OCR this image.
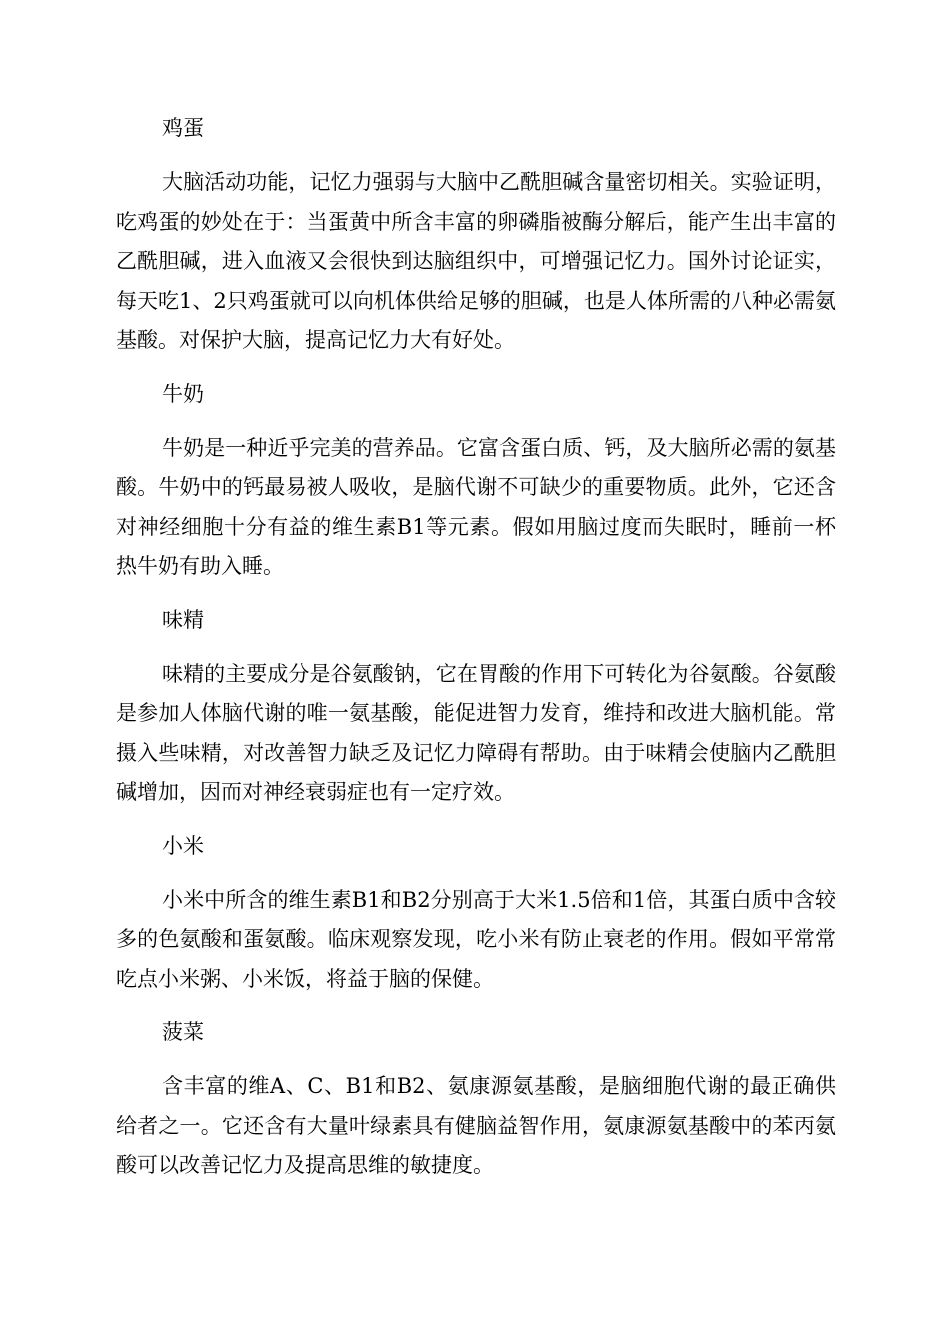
鸡蛋

大脑活动功能，记忆力强弱与大脑中乙酰胆碱含量密切相关。实验证明，吃鸡蛋的妙处在于：当蛋黄中所含丰富的卵磷脂被酶分解后，能产生出丰富的乙酰胆碱，进入血液又会很快到达脑组织中，可增强记忆力。国外讨论证实，每天吃1、2只鸡蛋就可以向机体供给足够的胆碱，也是人体所需的八种必需氨基酸。对保护大脑，提高记忆力大有好处。

牛奶

牛奶是一种近乎完美的营养品。它富含蛋白质、钙，及大脑所必需的氨基酸。牛奶中的钙最易被人吸收，是脑代谢不可缺少的重要物质。此外，它还含对神经细胞十分有益的维生素B1等元素。假如用脑过度而失眠时，睡前一杯热牛奶有助入睡。

味精

味精的主要成分是谷氨酸钠，它在胃酸的作用下可转化为谷氨酸。谷氨酸是参加人体脑代谢的唯一氨基酸，能促进智力发育，维持和改进大脑机能。常摄入些味精，对改善智力缺乏及记忆力障碍有帮助。由于味精会使脑内乙酰胆碱增加，因而对神经衰弱症也有一定疗效。

小米

小米中所含的维生素B1和B2分别高于大米1.5倍和1倍，其蛋白质中含较多的色氨酸和蛋氨酸。临床观察发现，吃小米有防止衰老的作用。假如平常常吃点小米粥、小米饭，将益于脑的保健。

菠菜

含丰富的维A、C、B1和B2、氨康源氨基酸，是脑细胞代谢的最正确供给者之一。它还含有大量叶绿素具有健脑益智作用，氨康源氨基酸中的苯丙氨酸可以改善记忆力及提高思维的敏捷度。
